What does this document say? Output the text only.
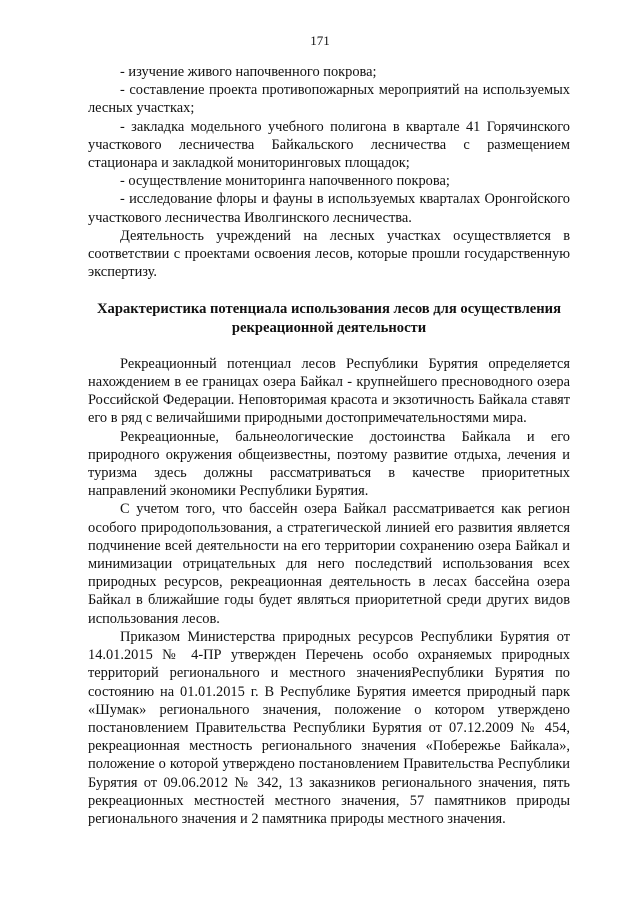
171

- изучение живого напочвенного покрова;

- составление проекта противопожарных мероприятий на используемых лесных участках;

- закладка модельного учебного полигона в квартале 41 Горячинского участкового лесничества Байкальского лесничества с размещением стационара и закладкой мониторинговых площадок;

- осуществление мониторинга напочвенного покрова;

- исследование флоры и фауны в используемых кварталах Оронгойского участкового лесничества Иволгинского лесничества.

Деятельность учреждений на лесных участках осуществляется в соответствии с проектами освоения лесов, которые прошли государственную экспертизу.

Характеристика потенциала использования лесов для осуществления
рекреационной деятельности

Рекреационный потенциал лесов Республики Бурятия определяется нахождением в ее границах озера Байкал - крупнейшего пресноводного озера Российской Федерации. Неповторимая красота и экзотичность Байкала ставят его в ряд с величайшими природными достопримечательностями мира.

Рекреационные, бальнеологические достоинства Байкала и его природного окружения общеизвестны, поэтому развитие отдыха, лечения и туризма здесь должны рассматриваться в качестве приоритетных направлений экономики Республики Бурятия.

С учетом того, что бассейн озера Байкал рассматривается как регион особого природопользования, а стратегической линией его развития является подчинение всей деятельности на его территории сохранению озера Байкал и минимизации отрицательных для него последствий использования всех природных ресурсов, рекреационная деятельность в лесах бассейна озера Байкал в ближайшие годы будет являться приоритетной среди других видов использования лесов.

Приказом Министерства природных ресурсов Республики Бурятия от 14.01.2015 № 4-ПР утвержден Перечень особо охраняемых природных территорий регионального и местного значенияРеспублики Бурятия по состоянию на 01.01.2015 г. В Республике Бурятия имеется природный парк «Шумак» регионального значения, положение о котором утверждено постановлением Правительства Республики Бурятия от 07.12.2009 № 454, рекреационная местность регионального значения «Побережье Байкала», положение о которой утверждено постановлением Правительства Республики Бурятия от 09.06.2012 № 342, 13 заказников регионального значения, пять рекреационных местностей местного значения, 57 памятников природы регионального значения и 2 памятника природы местного значения.
